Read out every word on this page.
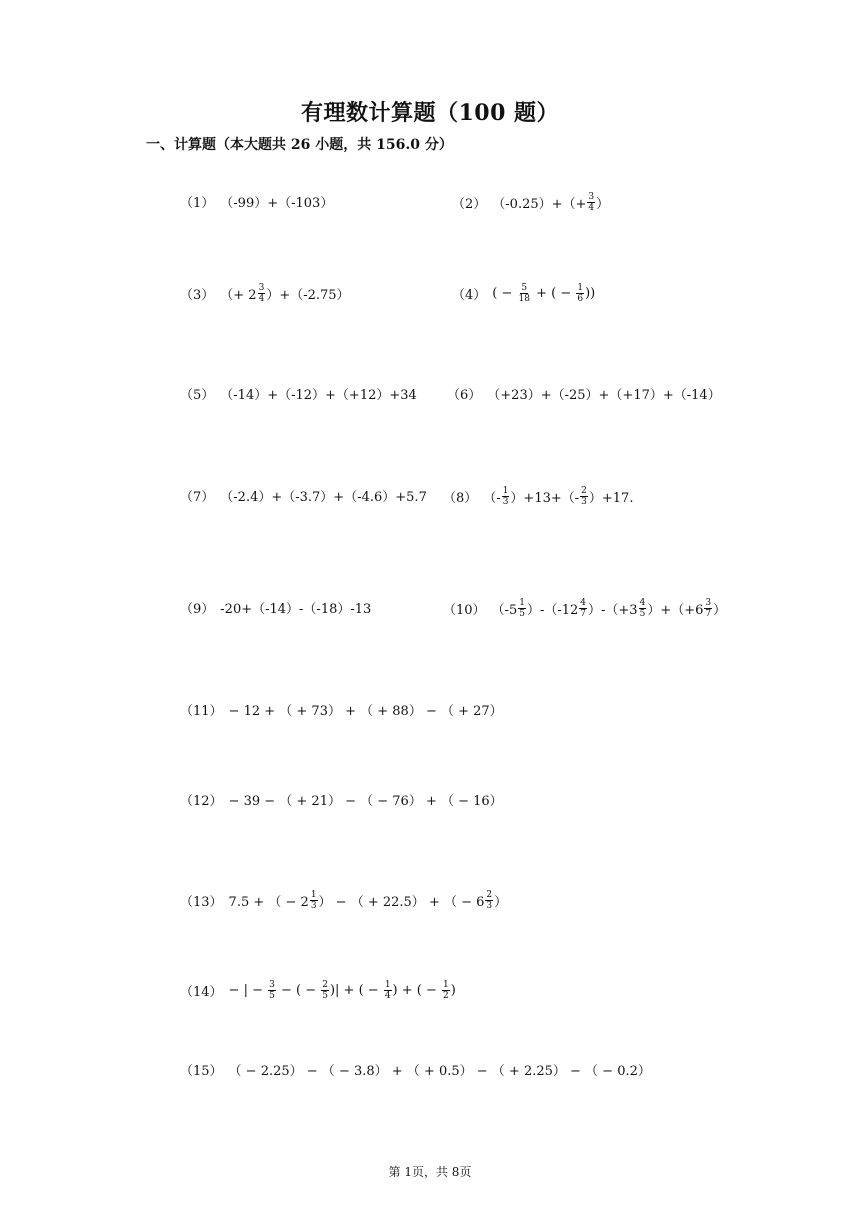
有理数计算题（100 题）
一、计算题（本大题共 26 小题，共 156.0 分）
（1） （-99）+（-103）	（2） $(-0.25)+(+ \frac{3}{4}$ ）
（3） （+ $2 \frac{3}{4} )+(-2.75)$	（4） ( − $\frac{5}{18}$ + ( − $\frac{1}{6}$ ))
（5） （-14）+（-12）+（+12）+34 （6） （+23）+（-25）+（+17）+（-14）
（7） （-2.4）+（-3.7）+（-4.6）+5.7 （8） （- $\frac{1}{3} )+13+(- \frac{2}{3} )+17$.
（9） -20+（-14）-（-18）-13	（10） $(-5 \frac{1}{5} )-(-12 \frac{4}{7} )-(+3 \frac{4}{5} )+(+6 \frac{3}{7}$ ）
（11） − 12 + （ + 73） + （ + 88） − （ + 27）
（12） − 39 − （ + 21） − （ − 76） + （ − 16）
（13） 7.5 + （ − $2 \frac{1}{3}$ ） − （ + 22.5） + （ − $6 \frac{2}{3}$ ）
（14） − | − $\frac{3}{5}$ − ( − $\frac{2}{5}$ )| + ( − $\frac{1}{4}$ ) + ( − $\frac{1}{2}$ )
（15） （ − 2.25） − （ − 3.8） + （ + 0.5） − （ + 2.25） − （ − 0.2）
第 1页，共 8页
